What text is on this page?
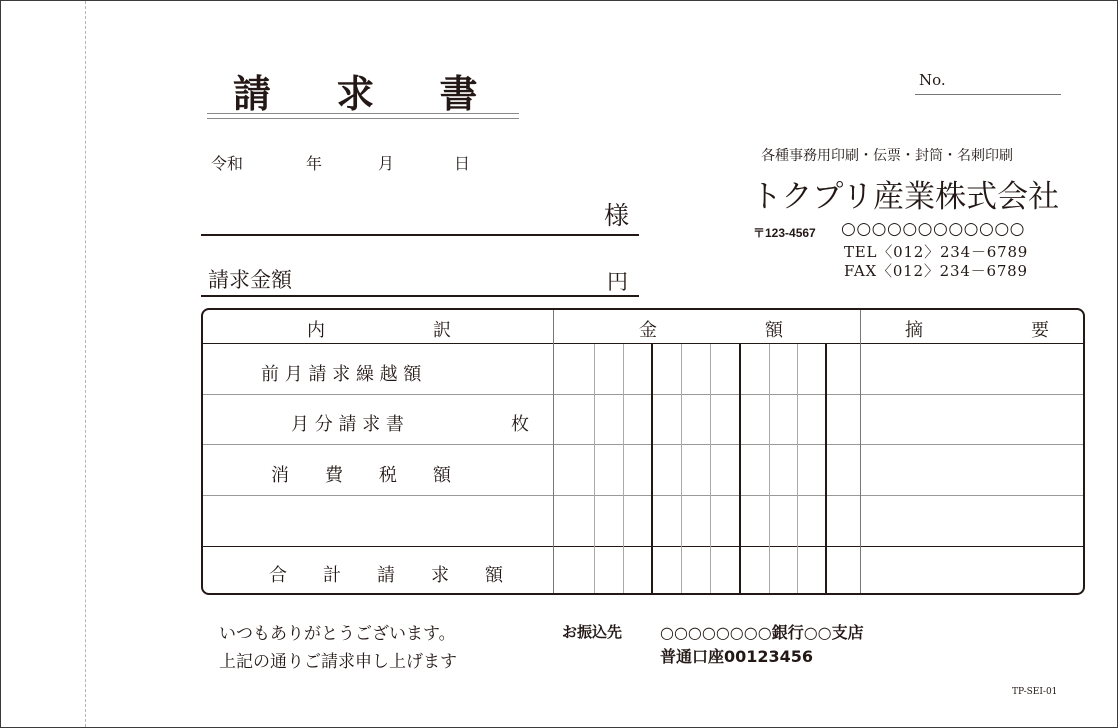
請 求 書	No.
令和	年	月	日
様
請求金額	円
各種事務用印刷・伝票・封筒・名刺印刷
トクプリ産業株式会社
〒123-4567 ○○○○○○○○○○○○
TEL〈012〉234－6789
FAX〈012〉234－6789
内　　　　　　訳	金　　　　　　額	摘　　　　　　要
前 月 請 求 繰 越 額
月 分 請 求 書	枚
消　　費　　税　　額
合　　計　　請　　求　　額
いつもありがとうございます。
上記の通りご請求申し上げます
お振込先 ○○○○○○○○銀行○○支店
普通口座00123456
TP-SEI-01
